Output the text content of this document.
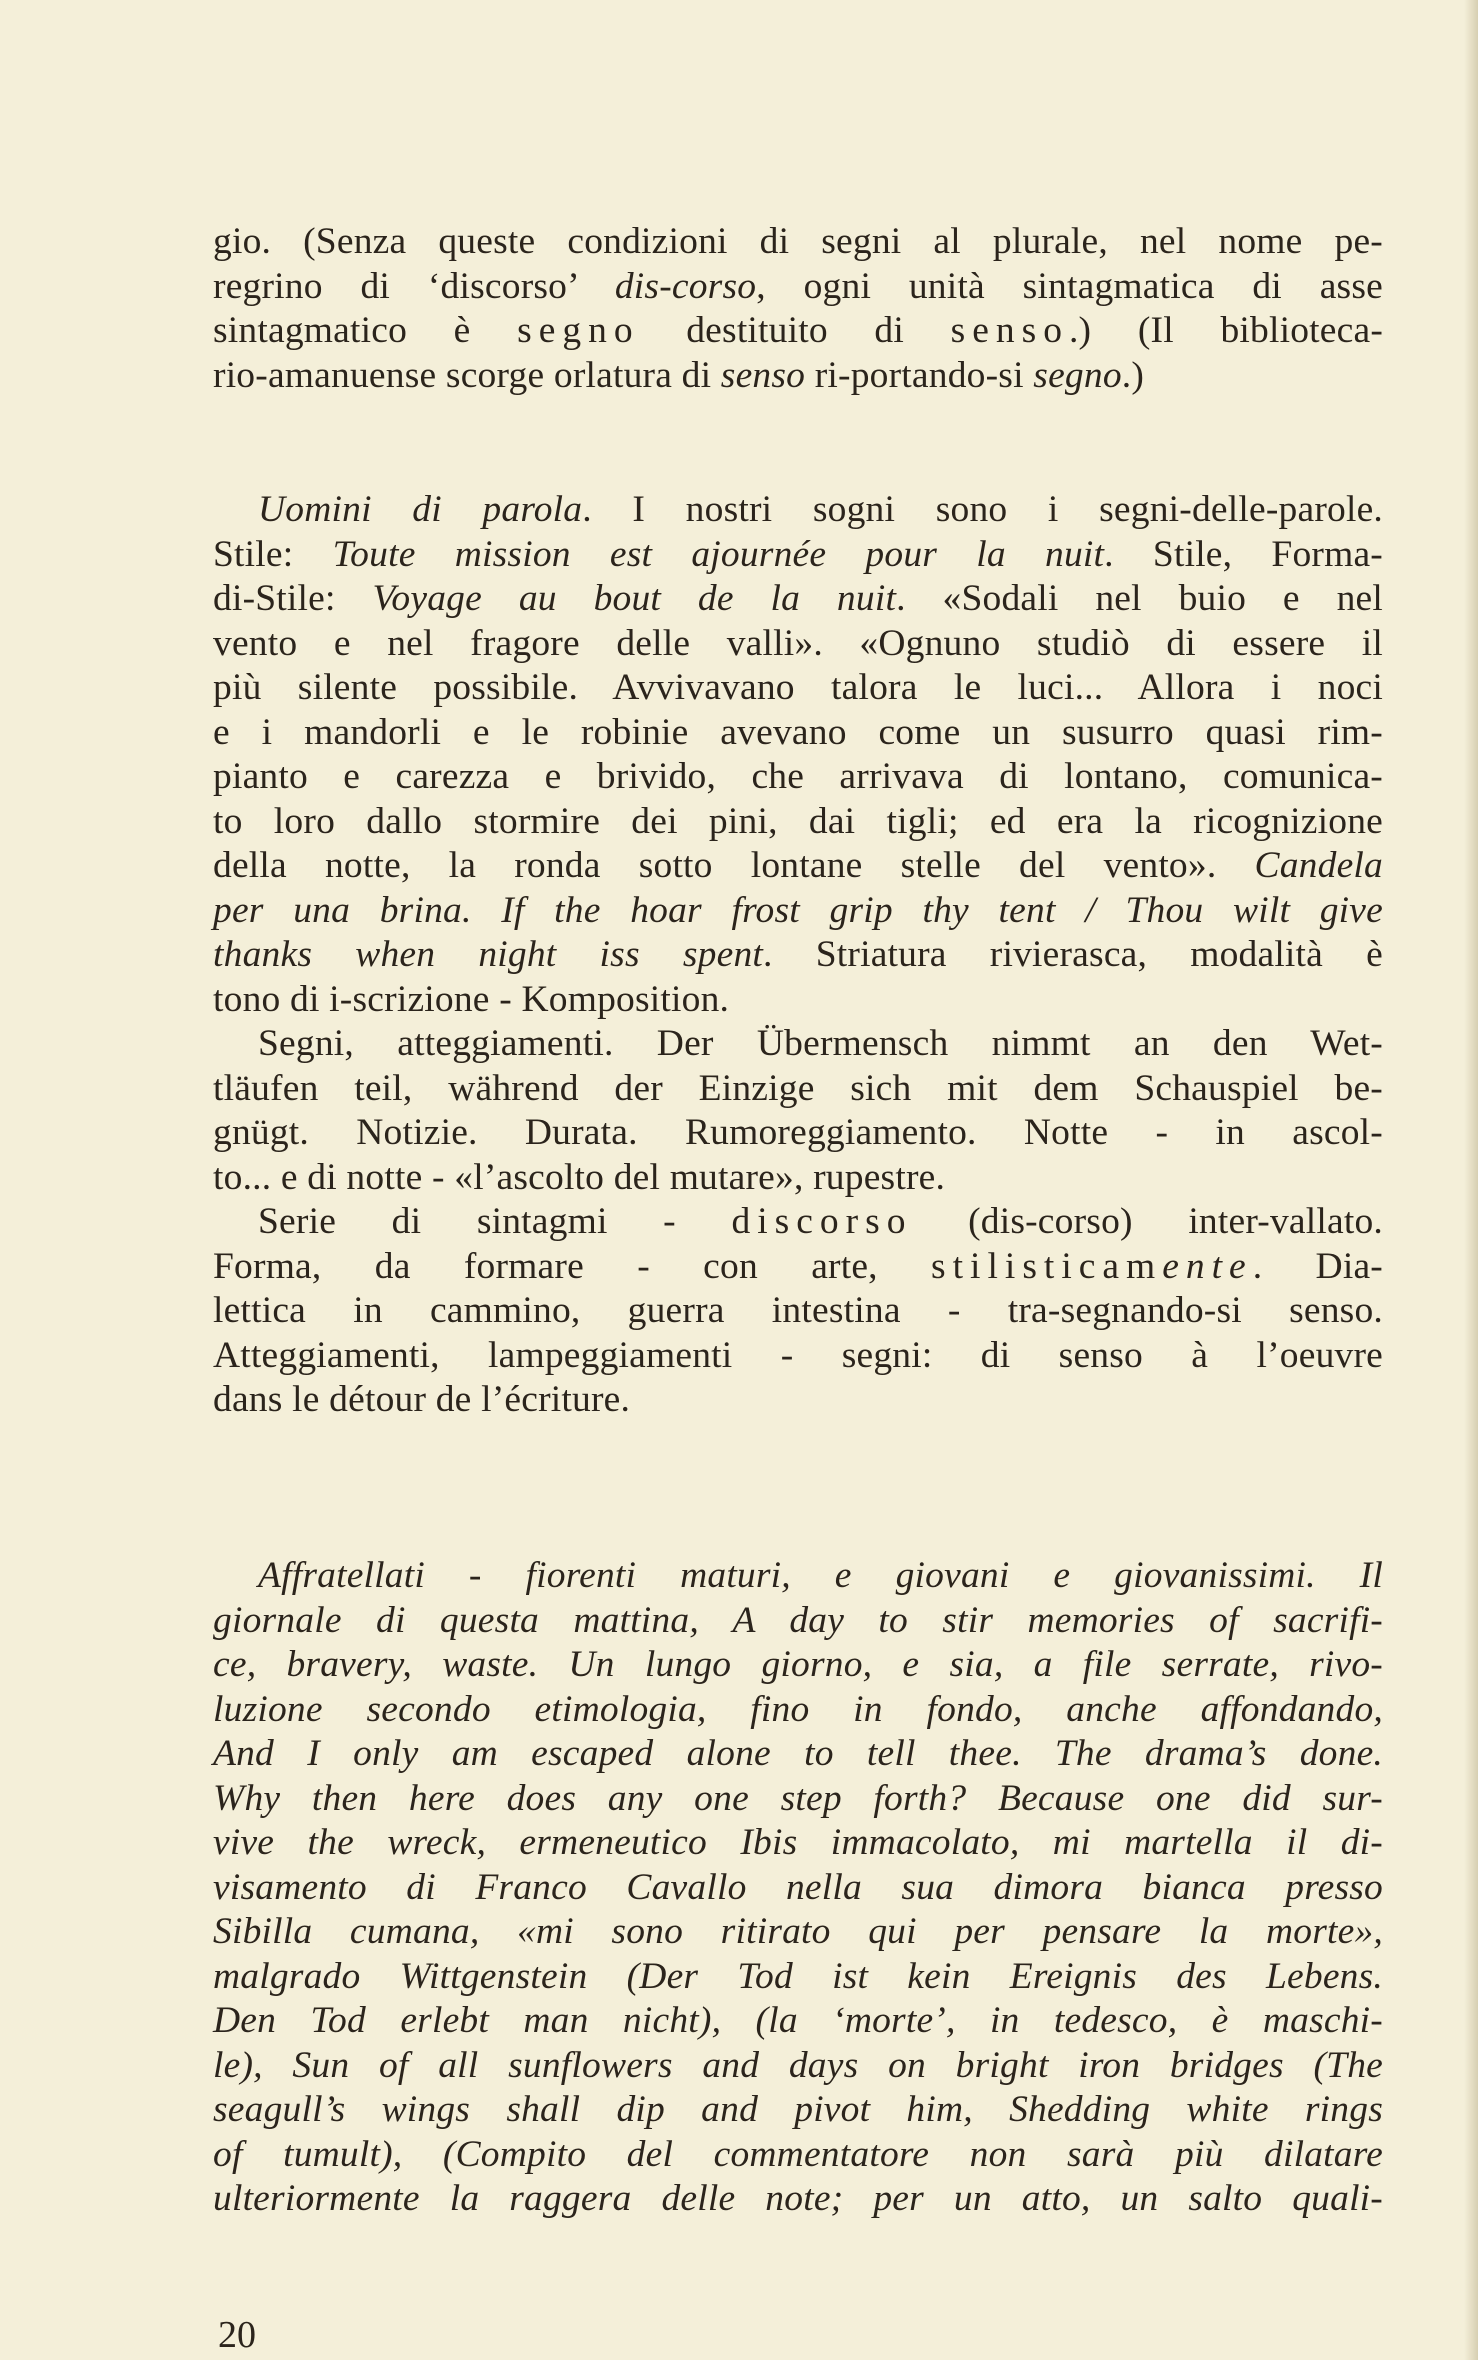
gio. (Senza queste condizioni di segni al plurale, nel nome pe-
regrino di ‘discorso’ dis-corso, ogni unità sintagmatica di asse
sintagmatico è segno destituito di senso.) (Il biblioteca-
rio-amanuense scorge orlatura di senso ri-portando-si segno.)
Uomini di parola. I nostri sogni sono i segni-delle-parole.
Stile: Toute mission est ajournée pour la nuit. Stile, Forma-
di-Stile: Voyage au bout de la nuit. «Sodali nel buio e nel
vento e nel fragore delle valli». «Ognuno studiò di essere il
più silente possibile. Avvivavano talora le luci... Allora i noci
e i mandorli e le robinie avevano come un susurro quasi rim-
pianto e carezza e brivido, che arrivava di lontano, comunica-
to loro dallo stormire dei pini, dai tigli; ed era la ricognizione
della notte, la ronda sotto lontane stelle del vento». Candela
per una brina. If the hoar frost grip thy tent / Thou wilt give
thanks when night iss spent. Striatura rivierasca, modalità è
tono di i-scrizione - Komposition.
Segni, atteggiamenti. Der Übermensch nimmt an den Wet-
tläufen teil, während der Einzige sich mit dem Schauspiel be-
gnügt. Notizie. Durata. Rumoreggiamento. Notte - in ascol-
to... e di notte - «l’ascolto del mutare», rupestre.
Serie di sintagmi - discorso (dis-corso) inter-vallato.
Forma, da formare - con arte, stilisticamente. Dia-
lettica in cammino, guerra intestina - tra-segnando-si senso.
Atteggiamenti, lampeggiamenti - segni: di senso à l’oeuvre
dans le détour de l’écriture.
Affratellati - fiorenti maturi, e giovani e giovanissimi. Il
giornale di questa mattina, A day to stir memories of sacrifi-
ce, bravery, waste. Un lungo giorno, e sia, a file serrate, rivo-
luzione secondo etimologia, fino in fondo, anche affondando,
And I only am escaped alone to tell thee. The drama’s done.
Why then here does any one step forth? Because one did sur-
vive the wreck, ermeneutico Ibis immacolato, mi martella il di-
visamento di Franco Cavallo nella sua dimora bianca presso
Sibilla cumana, «mi sono ritirato qui per pensare la morte»,
malgrado Wittgenstein (Der Tod ist kein Ereignis des Lebens.
Den Tod erlebt man nicht), (la ‘morte’, in tedesco, è maschi-
le), Sun of all sunflowers and days on bright iron bridges (The
seagull’s wings shall dip and pivot him, Shedding white rings
of tumult), (Compito del commentatore non sarà più dilatare
ulteriormente la raggera delle note; per un atto, un salto quali-
20
